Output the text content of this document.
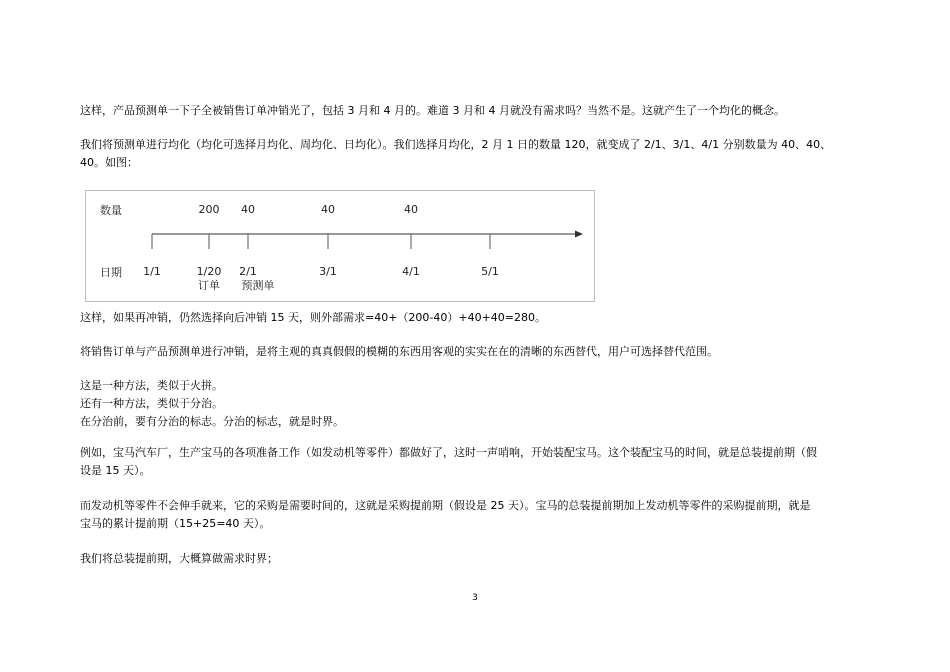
这样，产品预测单一下子全被销售订单冲销光了，包括 3 月和 4 月的。难道 3 月和 4 月就没有需求吗？当然不是。这就产生了一个均化的概念。

我们将预测单进行均化（均化可选择月均化、周均化、日均化）。我们选择月均化，2 月 1 日的数量 120，就变成了 2/1、3/1、4/1 分别数量为 40、40、
40。如图：

数量
日期 1/1
200
1/20
订单
40
2/1
预测单
40
3/1
40
4/1	5/1

这样，如果再冲销，仍然选择向后冲销 15 天，则外部需求=40+（200-40）+40+40=280。

将销售订单与产品预测单进行冲销，是将主观的真真假假的模糊的东西用客观的实实在在的清晰的东西替代，用户可选择替代范围。

这是一种方法，类似于火拼。
还有一种方法，类似于分治。
在分治前，要有分治的标志。分治的标志，就是时界。

例如，宝马汽车厂，生产宝马的各项准备工作（如发动机等零件）都做好了，这时一声哨响，开始装配宝马。这个装配宝马的时间，就是总装提前期（假
设是 15 天）。

而发动机等零件不会伸手就来，它的采购是需要时间的，这就是采购提前期（假设是 25 天）。宝马的总装提前期加上发动机等零件的采购提前期，就是
宝马的累计提前期（15+25=40 天）。

我们将总装提前期，大概算做需求时界；

3
